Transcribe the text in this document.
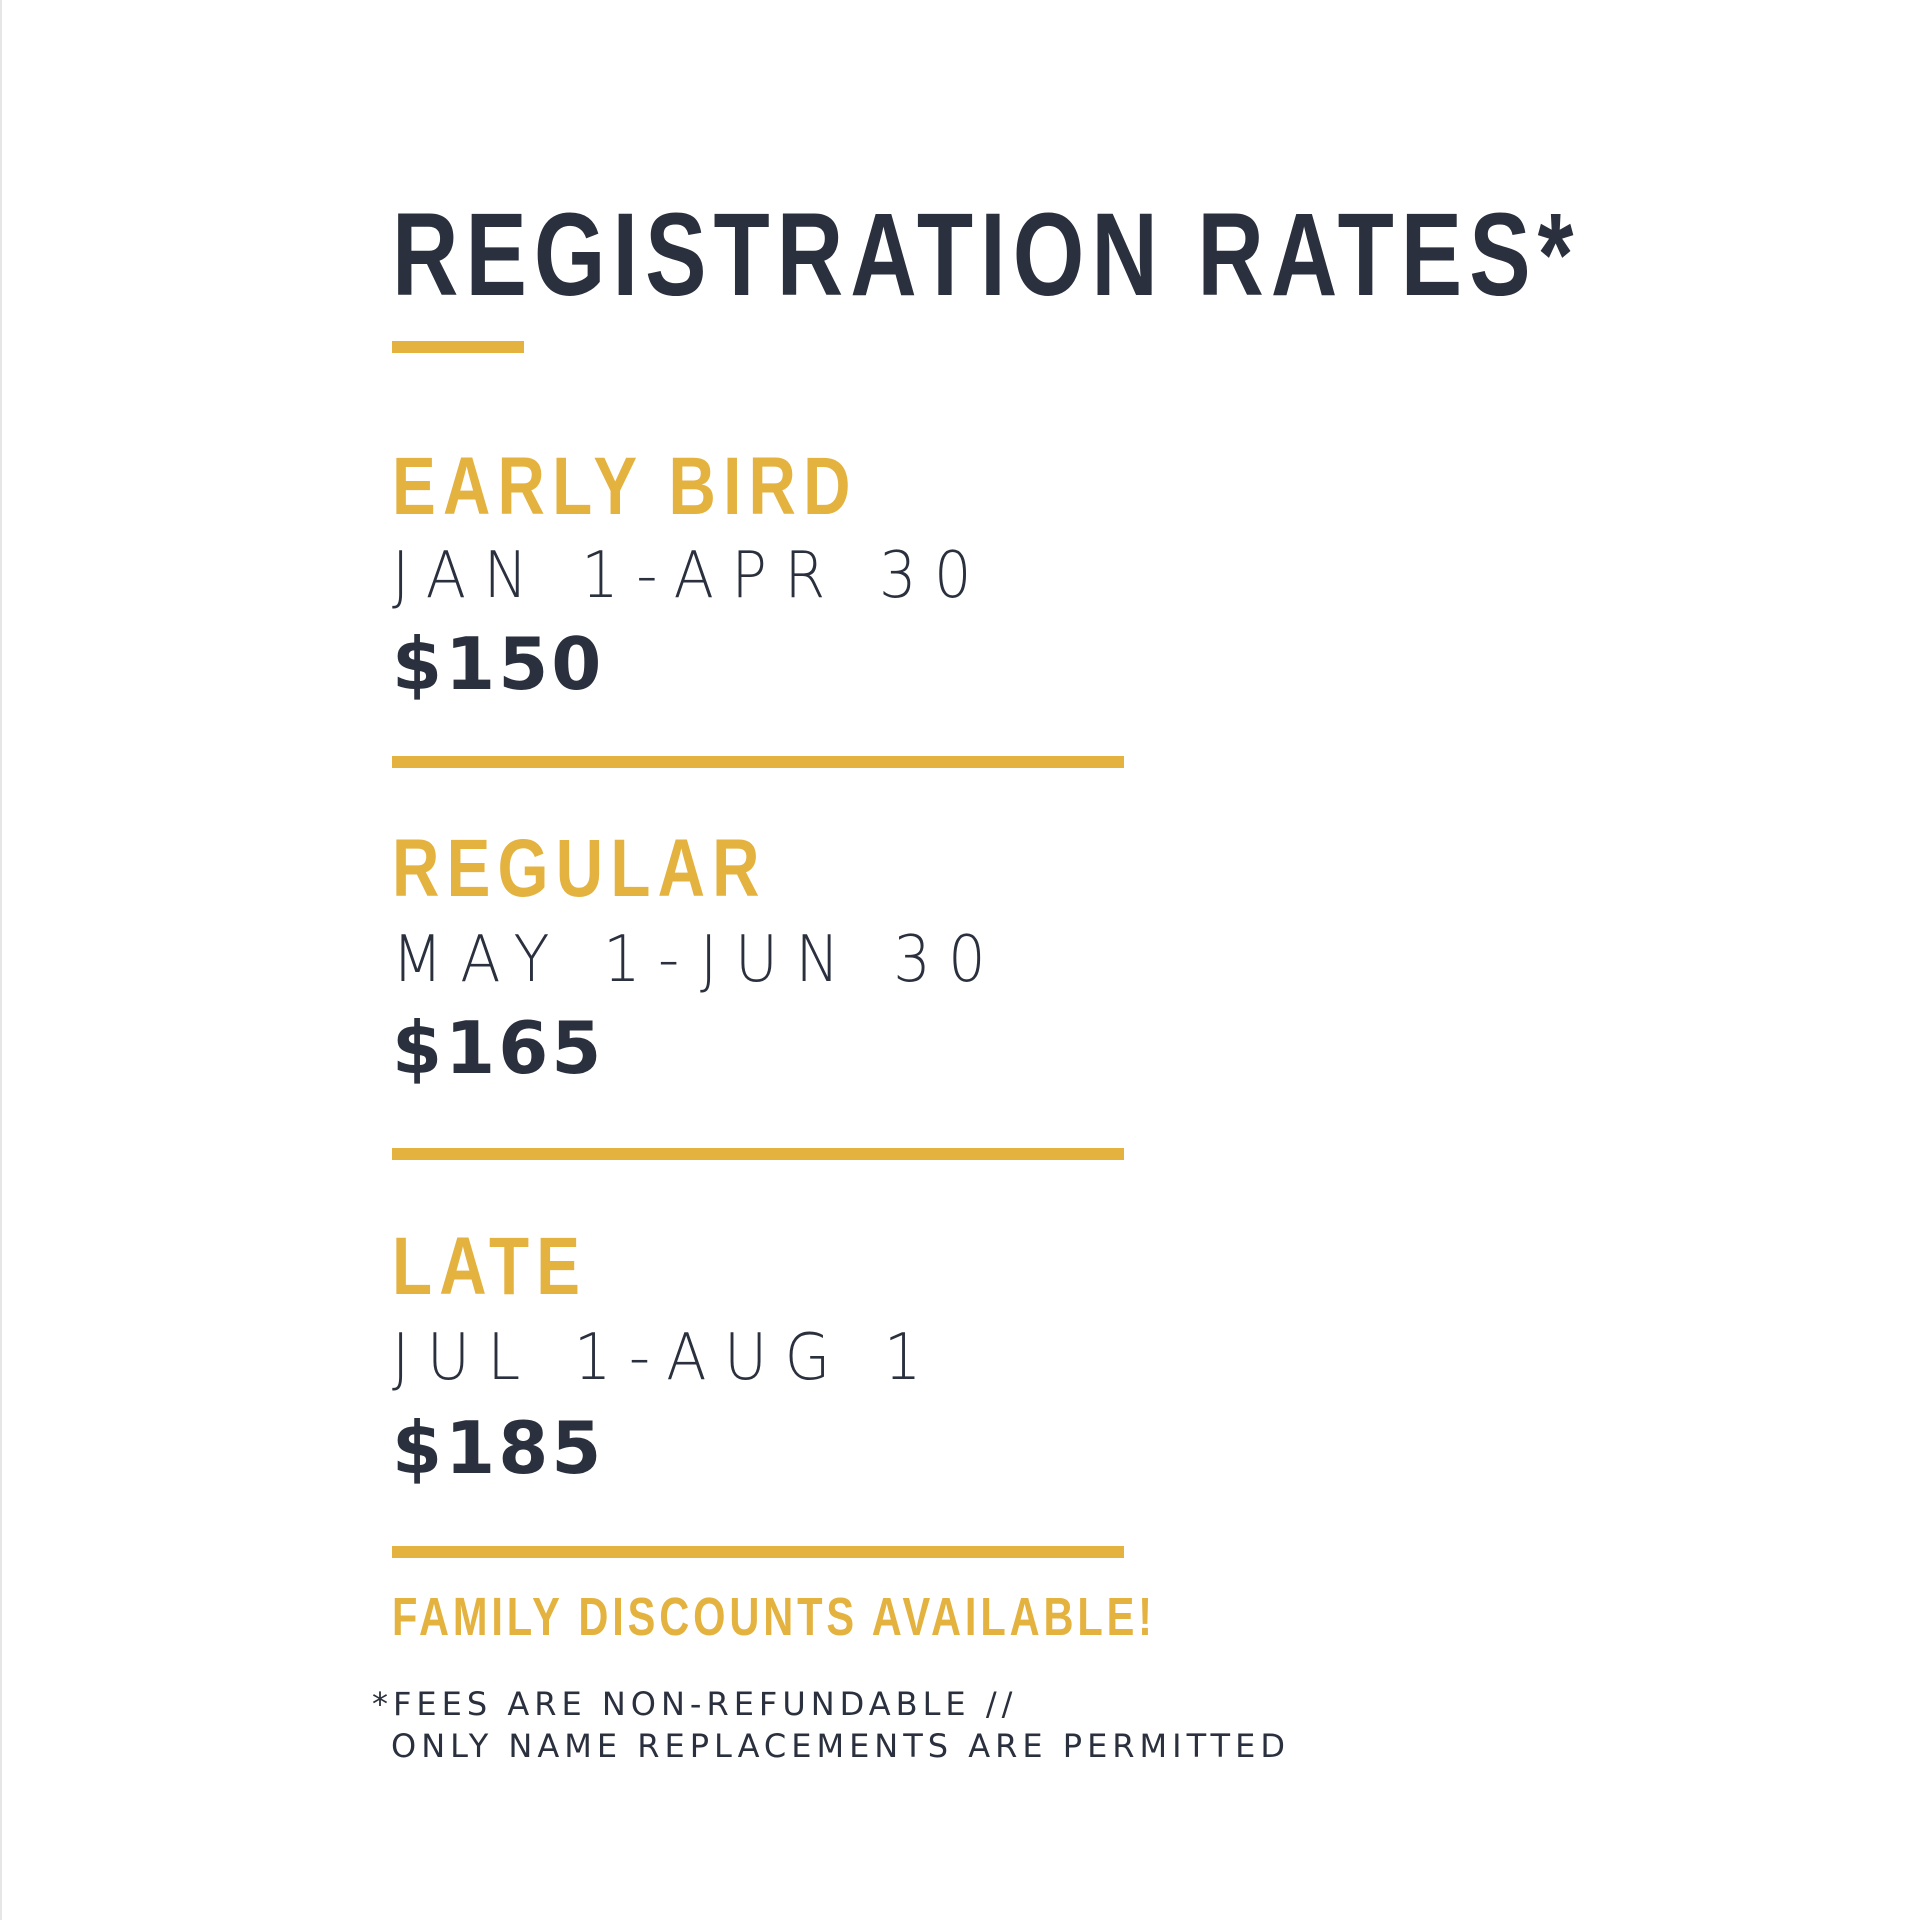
REGISTRATION RATES*
EARLY BIRD

JAN 1-APR 30

$150

REGULAR

MAY 1-JUN 30

$165

LATE

JUL 1-AUG 1

$185

FAMILY DISCOUNTS AVAILABLE!

*FEES ARE NON-REFUNDABLE //

ONLY NAME REPLACEMENTS ARE PERMITTED
